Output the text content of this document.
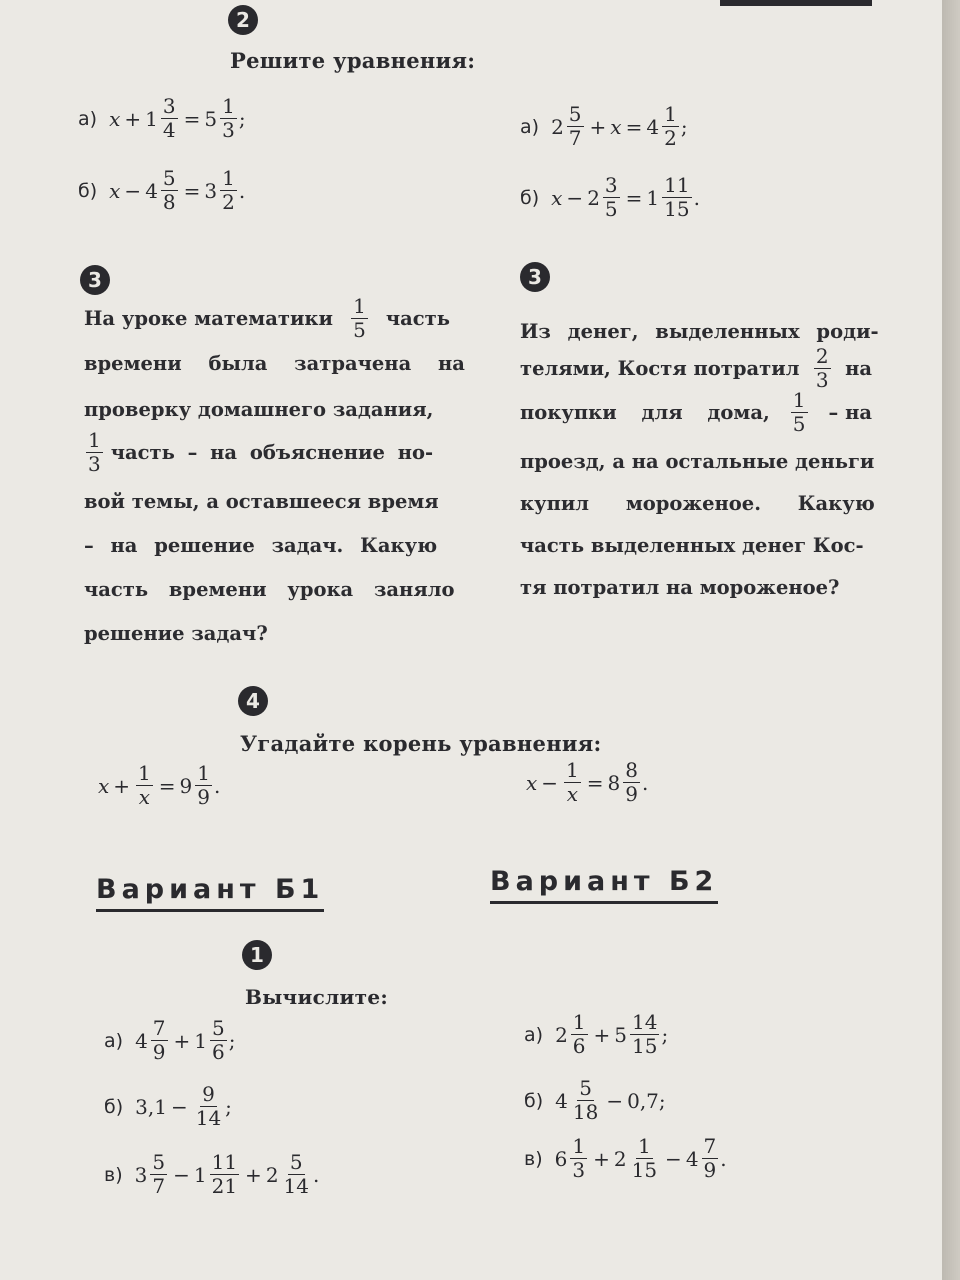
2
Решите уравнения:
а) $x + 1 \frac{3}{4} = 5 \frac{1}{3}$ ;
б) $x - 4 \frac{5}{8} = 3 \frac{1}{2}$ .
а) $2 \frac{5}{7} + x = 4 \frac{1}{2}$ ;
б) $x - 2 \frac{3}{5} = 1 \frac{11}{15}$ .
3
На уроке математики $\frac{1}{5}$ часть
времени была затрачена на
проверку домашнего задания,
$\frac{1}{3}$ часть – на объяснение но-
вой темы, а оставшееся время
– на решение задач. Какую
часть времени урока заняло
решение задач?
3
Из денег, выделенных роди-
телями, Костя потратил $\frac{2}{3}$ на
покупки для дома, $\frac{1}{5}$ – на
проезд, а на остальные деньги
купил мороженое. Какую
часть выделенных денег Кос-
тя потратил на мороженое?
4
Угадайте корень уравнения:
$x + \frac{1}{x} = 9 \frac{1}{9}$ .	$x - \frac{1}{x} = 8 \frac{8}{9}$ .
Вариант Б1	Вариант Б2
1
Вычислите:
а) $4 \frac{7}{9} + 1 \frac{5}{6}$ ;
б) $3,1 - \frac{9}{14}$ ;
в) $3 \frac{5}{7} - 1 \frac{11}{21} + 2 \frac{5}{14}$ .
а) $2 \frac{1}{6} + 5 \frac{14}{15}$ ;
б) $4 \frac{5}{18} - 0,7$ ;
в) $6 \frac{1}{3} + 2 \frac{1}{15} - 4 \frac{7}{9}$ .
